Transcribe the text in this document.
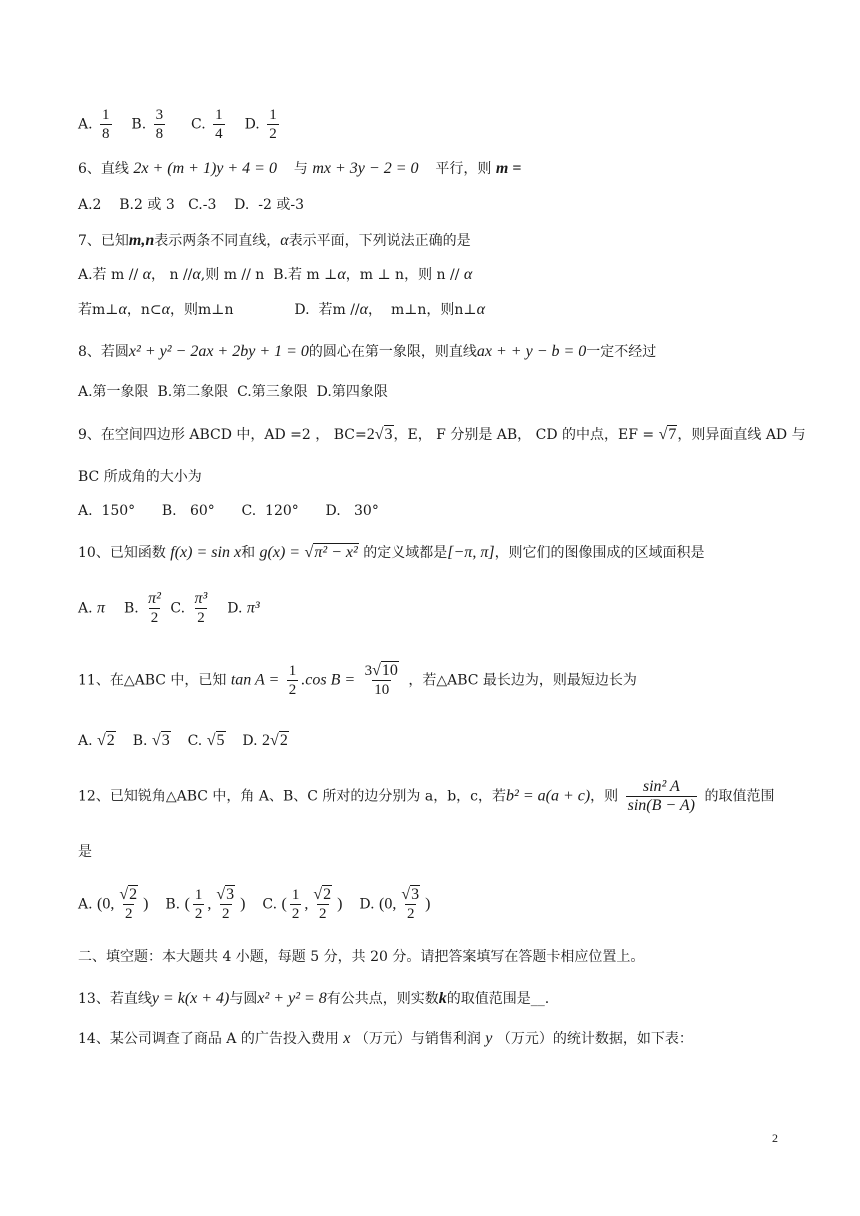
A. $\frac{1}{8} B$. $\frac{3}{8} C$. $\frac{1}{4} D$. $\frac{1}{2}$
6、直线 2x + (m + 1)y + 4 = 0 与 mx + 3y − 2 = 0 平行，则 m =
A.2    B.2 或 3   C.-3    D.  -2 或-3
7、已知m,n表示两条不同直线，α表示平面，下列说法正确的是
A.若 m // α， n //α,则 m // n  B.若 m ⊥α，m ⊥ n，则 n // α
若m⊥α，n⊂α，则m⊥n	D.  若m //α，  m⊥n，则n⊥α
8、若圆x² + y² − 2ax + 2by + 1 = 0的圆心在第一象限，则直线ax + + y − b = 0一定不经过
A.第一象限  B.第二象限  C.第三象限  D.第四象限
9、在空间四边形 ABCD 中，AD =2 ， BC=2√3，E， F 分别是 AB， CD 的中点，EF = √7，则异面直线 AD 与
BC 所成角的大小为
A.  150°      B.   60°      C.  120°      D.   30°
10、已知函数 f(x) = sin x和 g(x) = √π² − x² 的定义域都是[−π, π]，则它们的图像围成的区域面积是
A. π B. $\frac{\text{π²}}{2} C$. $\frac{\text{π³}}{2} D$. π³
11、在△ABC 中，已知 $\tan A = \frac{1}{2} .\cos$ $B = \frac{3√10}{10}$ ，若△ABC 最长边为，则最短边长为
A. √2 B. √3 C. √5 D. 2√2
12、已知锐角△ABC 中，角 A、B、C 所对的边分别为 a，b，c，若b² = a(a + c)，则 $\frac{\text{sin² A}}{\sin(B - A)}$ 的取值范围
是
A. (0, $\frac{√2}{2}$ ) B. ( $\frac{1}{2}$ , $\frac{√3}{2}$ ) C. ( $\frac{1}{2}$ , $\frac{√2}{2}$ ) D. (0, $\frac{√3}{2}$ )
二、填空题：本大题共 4 小题，每题 5 分，共 20 分。请把答案填写在答题卡相应位置上。
13、若直线y = k(x + 4)与圆x² + y² = 8有公共点，则实数k的取值范围是__.
14、某公司调查了商品 A 的广告投入费用 x （万元）与销售利润 y （万元）的统计数据，如下表：
2
